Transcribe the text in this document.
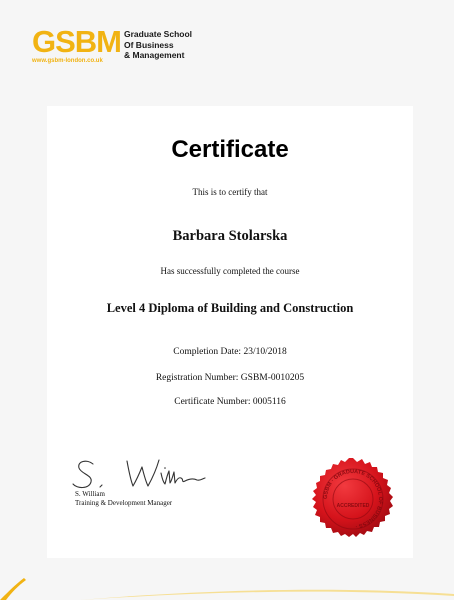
GSBM
www.gsbm-london.co.uk
Graduate School
Of Business
& Management
Certificate
This is to certify that
Barbara Stolarska
Has successfully completed the course
Level 4 Diploma of Building and Construction
Completion Date: 23/10/2018
Registration Number: GSBM-0010205
Certificate Number: 0005116
S. William
Training & Development Manager
GSBM · GRADUATE SCHOOL OF BUSINESS ·
ACCREDITED
